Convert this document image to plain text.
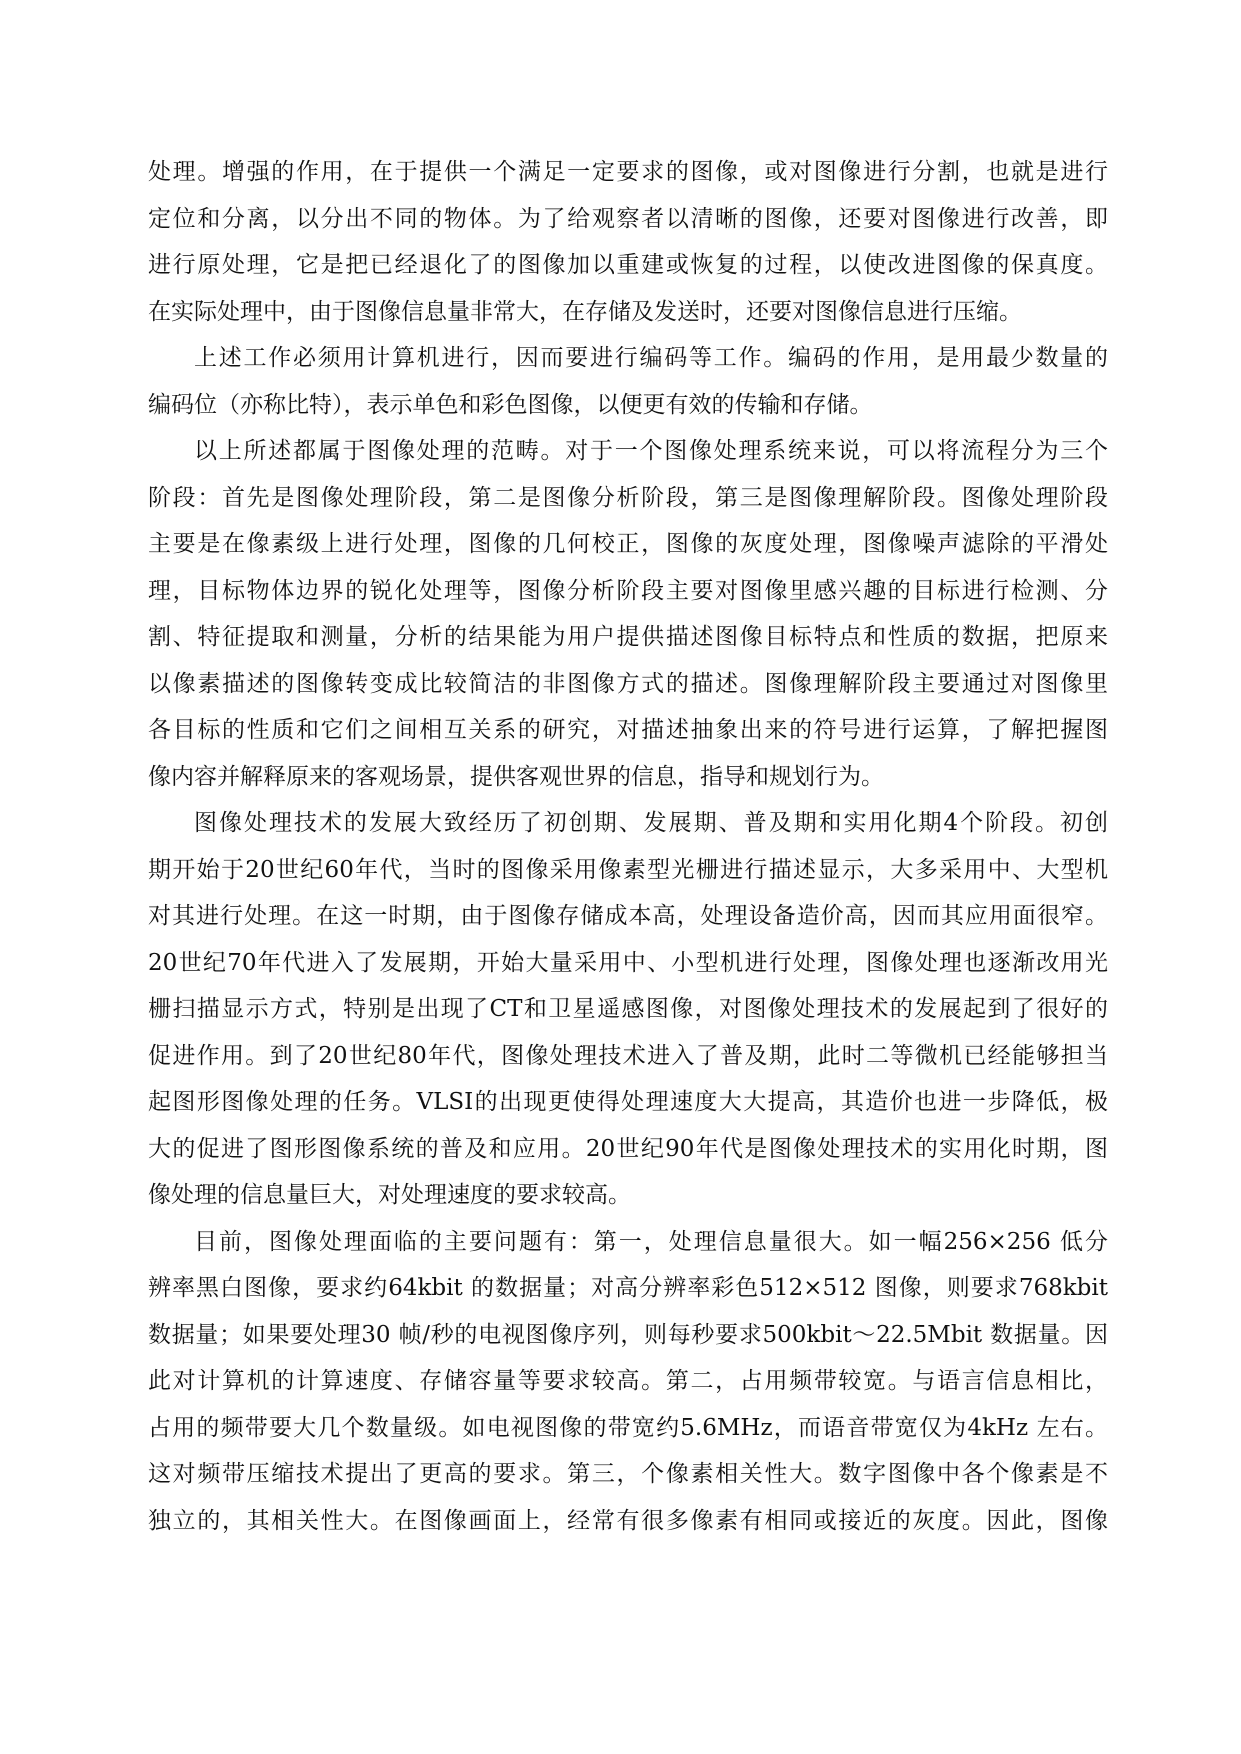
处理。增强的作用，在于提供一个满足一定要求的图像，或对图像进行分割，也就是进行
定位和分离，以分出不同的物体。为了给观察者以清晰的图像，还要对图像进行改善，即
进行原处理，它是把已经退化了的图像加以重建或恢复的过程，以使改进图像的保真度。
在实际处理中，由于图像信息量非常大，在存储及发送时，还要对图像信息进行压缩。

上述工作必须用计算机进行，因而要进行编码等工作。编码的作用，是用最少数量的
编码位（亦称比特），表示单色和彩色图像，以便更有效的传输和存储。

以上所述都属于图像处理的范畴。对于一个图像处理系统来说，可以将流程分为三个
阶段：首先是图像处理阶段，第二是图像分析阶段，第三是图像理解阶段。图像处理阶段
主要是在像素级上进行处理，图像的几何校正，图像的灰度处理，图像噪声滤除的平滑处
理，目标物体边界的锐化处理等，图像分析阶段主要对图像里感兴趣的目标进行检测、分
割、特征提取和测量，分析的结果能为用户提供描述图像目标特点和性质的数据，把原来
以像素描述的图像转变成比较简洁的非图像方式的描述。图像理解阶段主要通过对图像里
各目标的性质和它们之间相互关系的研究，对描述抽象出来的符号进行运算，了解把握图
像内容并解释原来的客观场景，提供客观世界的信息，指导和规划行为。

图像处理技术的发展大致经历了初创期、发展期、普及期和实用化期4个阶段。初创
期开始于20世纪60年代，当时的图像采用像素型光栅进行描述显示，大多采用中、大型机
对其进行处理。在这一时期，由于图像存储成本高，处理设备造价高，因而其应用面很窄。
20世纪70年代进入了发展期，开始大量采用中、小型机进行处理，图像处理也逐渐改用光
栅扫描显示方式，特别是出现了CT和卫星遥感图像，对图像处理技术的发展起到了很好的
促进作用。到了20世纪80年代，图像处理技术进入了普及期，此时二等微机已经能够担当
起图形图像处理的任务。VLSI的出现更使得处理速度大大提高，其造价也进一步降低，极
大的促进了图形图像系统的普及和应用。20世纪90年代是图像处理技术的实用化时期，图
像处理的信息量巨大，对处理速度的要求较高。

目前，图像处理面临的主要问题有：第一，处理信息量很大。如一幅256×256 低分
辨率黑白图像，要求约64kbit 的数据量；对高分辨率彩色512×512 图像，则要求768kbit
数据量；如果要处理30 帧/秒的电视图像序列，则每秒要求500kbit～22.5Mbit 数据量。因
此对计算机的计算速度、存储容量等要求较高。第二，占用频带较宽。与语言信息相比，
占用的频带要大几个数量级。如电视图像的带宽约5.6MHz，而语音带宽仅为4kHz 左右。
这对频带压缩技术提出了更高的要求。第三，个像素相关性大。数字图像中各个像素是不
独立的，其相关性大。在图像画面上，经常有很多像素有相同或接近的灰度。因此，图像
